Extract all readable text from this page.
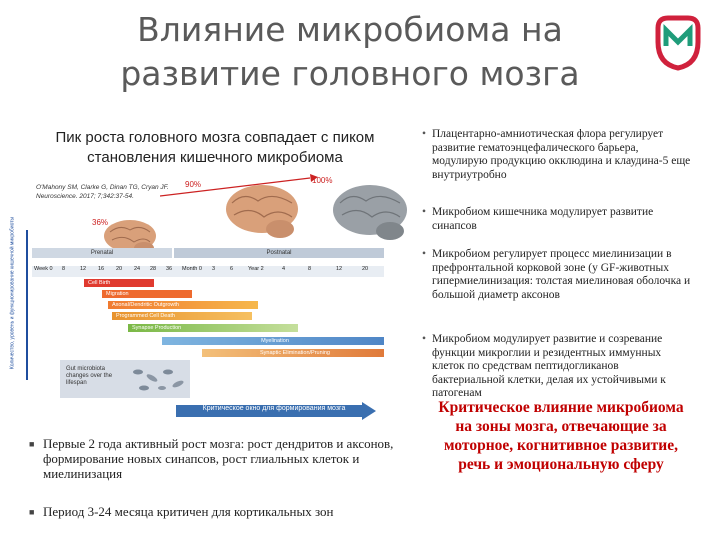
Влияние микробиома на развитие головного мозга
Пик роста головного мозга совпадает с пиком становления кишечного микробиома
O'Mahony SM, Clarke G, Dinan TG, Cryan JF. Neuroscience. 2017; 7;342:37-54.
90%	100%
36%
Количество, уровень и функционирование кишечной микробиоты	Prenatal	Postnatal
Week 0 8	12 16 20 24 28 36 Month 0 3	6	Year 2	4	8	12	20
Cell Birth
Migration
Axonal/Dendritic Outgrowth
Programmed Cell Death
Synapse Production
Myelination
Synaptic Elimination/Pruning
Gut microbiota changes over the lifespan
Критическое окно для формирования мозга
■ Первые 2 года активный рост мозга: рост дендритов и аксонов, формирование новых синапсов, рост глиальных клеток и миелинизация
■ Период 3-24 месяца критичен для кортикальных зон
• Плацентарно-амниотическая флора регулирует развитие гематоэнцефалического барьера, модулирую продукцию окклюдина и клаудина-5 еще внутриутробно
• Микробиом кишечника модулирует развитие синапсов
• Микробиом регулирует процесс миелинизации в префронтальной корковой зоне (у GF-животных гипермиелинизация: толстая миелиновая оболочка и большой диаметр аксонов
• Микробиом модулирует развитие и созревание функции микроглии и резидентных иммунных клеток по средствам пептидогликанов бактериальной клетки, делая их устойчивыми к патогенам
Критическое влияние микробиома на зоны мозга, отвечающие за моторное, когнитивное развитие, речь и эмоциональную сферу
